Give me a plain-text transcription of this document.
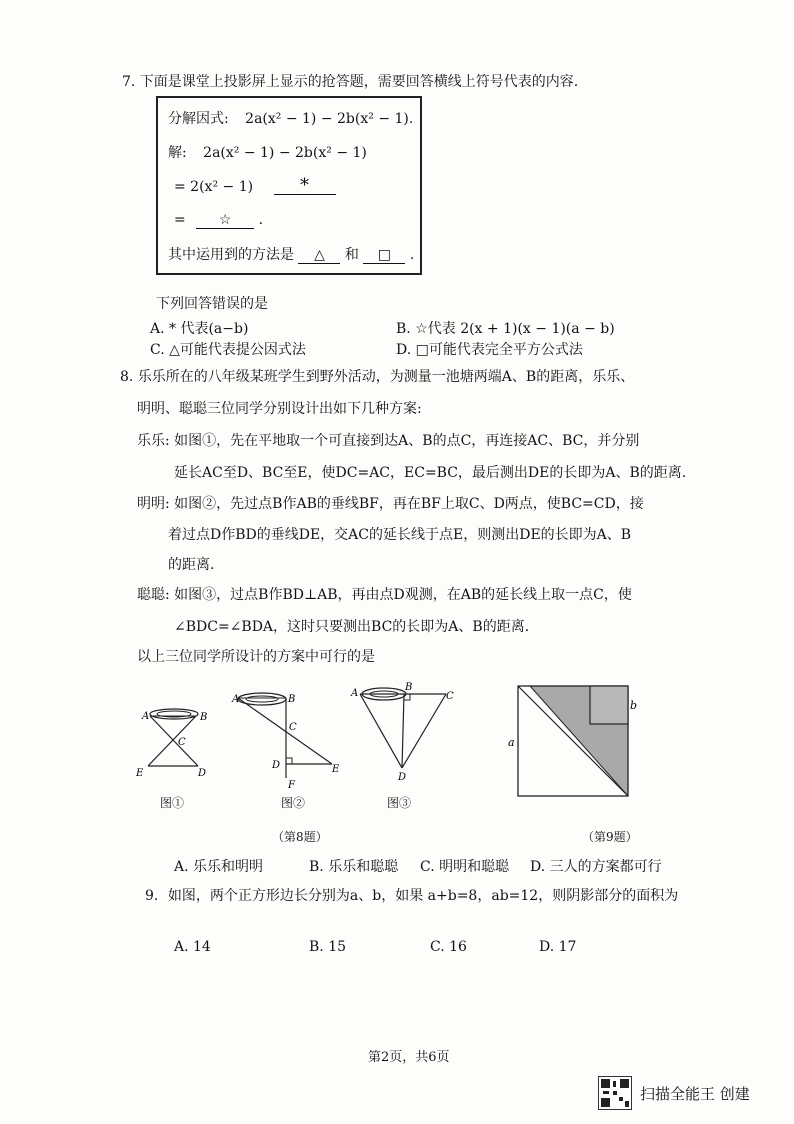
7. 下面是课堂上投影屏上显示的抢答题，需要回答横线上符号代表的内容.
分解因式: 2a(x² − 1) − 2b(x² − 1).
解: 2a(x² − 1) − 2b(x² − 1)
= 2(x² − 1)	*
= ☆ .
其中运用到的方法是 △ 和 □ .
下列回答错误的是
A. * 代表(a−b)	B. ☆代表 2(x + 1)(x − 1)(a − b)
C. △可能代表提公因式法	D. □可能代表完全平方公式法
8. 乐乐所在的八年级某班学生到野外活动，为测量一池塘两端A、B的距离，乐乐、
明明、聪聪三位同学分别设计出如下几种方案:
乐乐: 如图①，先在平地取一个可直接到达A、B的点C，再连接AC、BC，并分别
延长AC至D、BC至E，使DC=AC，EC=BC，最后测出DE的长即为A、B的距离.
明明: 如图②，先过点B作AB的垂线BF，再在BF上取C、D两点，使BC=CD，接
着过点D作BD的垂线DE，交AC的延长线于点E，则测出DE的长即为A、B
的距离.
聪聪: 如图③，过点B作BD⊥AB，再由点D观测，在AB的延长线上取一点C，使
∠BDC=∠BDA，这时只要测出BC的长即为A、B的距离.
以上三位同学所设计的方案中可行的是
A	B
C
E	D
图①
A	B
C
D	E
F
图②
A
B
C
D
图③
（第8题）
a
b
（第9题）
A. 乐乐和明明	B. 乐乐和聪聪 C. 明明和聪聪 D. 三人的方案都可行
9．如图，两个正方形边长分别为a、b，如果 a+b=8，ab=12，则阴影部分的面积为
A. 14	B. 15	C. 16	D. 17
第2页，共6页
扫描全能王 创建
